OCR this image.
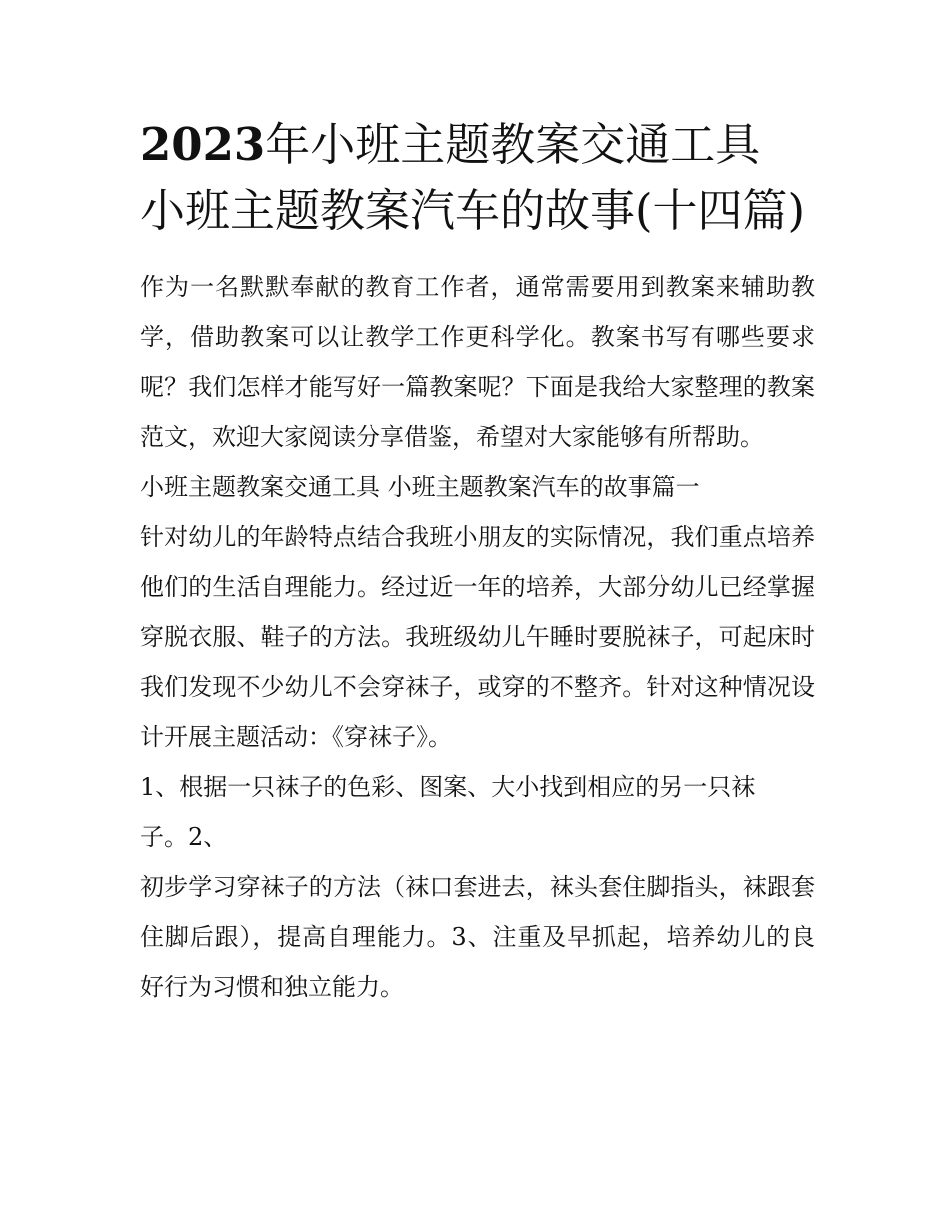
2023年小班主题教案交通工具 小班主题教案汽车的故事(十四篇)

作为一名默默奉献的教育工作者，通常需要用到教案来辅助教学，借助教案可以让教学工作更科学化。教案书写有哪些要求呢？我们怎样才能写好一篇教案呢？下面是我给大家整理的教案范文，欢迎大家阅读分享借鉴，希望对大家能够有所帮助。

小班主题教案交通工具 小班主题教案汽车的故事篇一

针对幼儿的年龄特点结合我班小朋友的实际情况，我们重点培养他们的生活自理能力。经过近一年的培养，大部分幼儿已经掌握穿脱衣服、鞋子的方法。我班级幼儿午睡时要脱袜子，可起床时我们发现不少幼儿不会穿袜子，或穿的不整齐。针对这种情况设计开展主题活动：《穿袜子》。

1、根据一只袜子的色彩、图案、大小找到相应的另一只袜
子。2、

初步学习穿袜子的方法（袜口套进去，袜头套住脚指头，袜跟套住脚后跟），提高自理能力。3、注重及早抓起，培养幼儿的良好行为习惯和独立能力。
